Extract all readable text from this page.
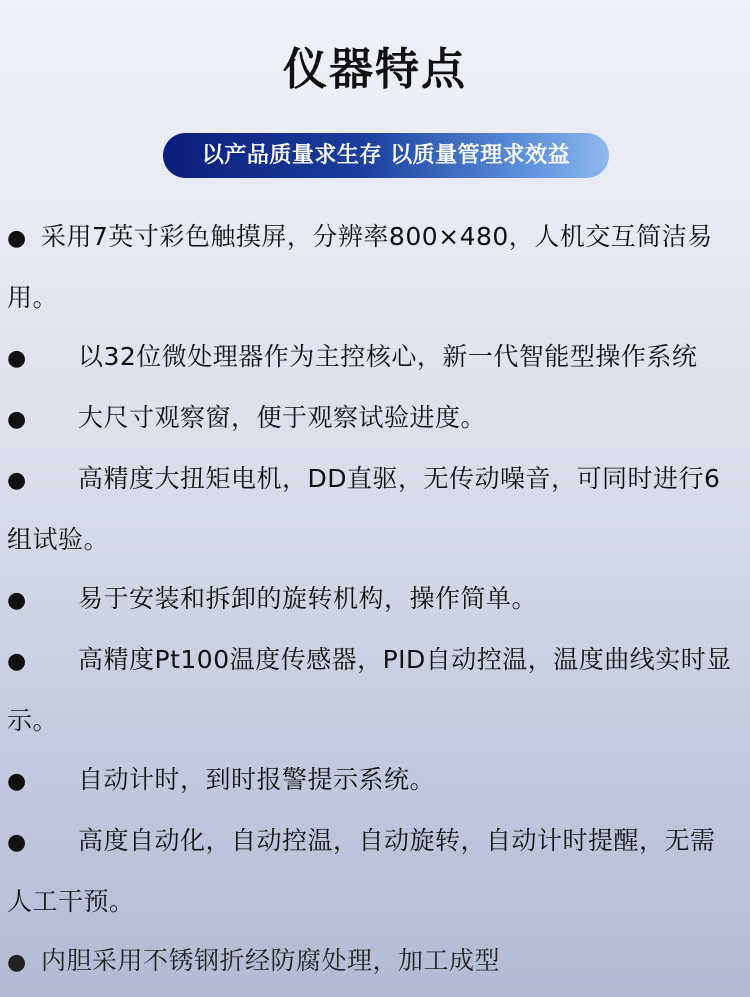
仪器特点
以产品质量求生存 以质量管理求效益
● 采用7英寸彩色触摸屏，分辨率800×480，人机交互简洁易用。
● 以32位微处理器作为主控核心，新一代智能型操作系统
● 大尺寸观察窗，便于观察试验进度。
● 高精度大扭矩电机，DD直驱，无传动噪音，可同时进行6组试验。
● 易于安装和拆卸的旋转机构，操作简单。
● 高精度Pt100温度传感器，PID自动控温，温度曲线实时显示。
● 自动计时，到时报警提示系统。
● 高度自动化，自动控温，自动旋转，自动计时提醒，无需人工干预。
● 内胆采用不锈钢折经防腐处理，加工成型
